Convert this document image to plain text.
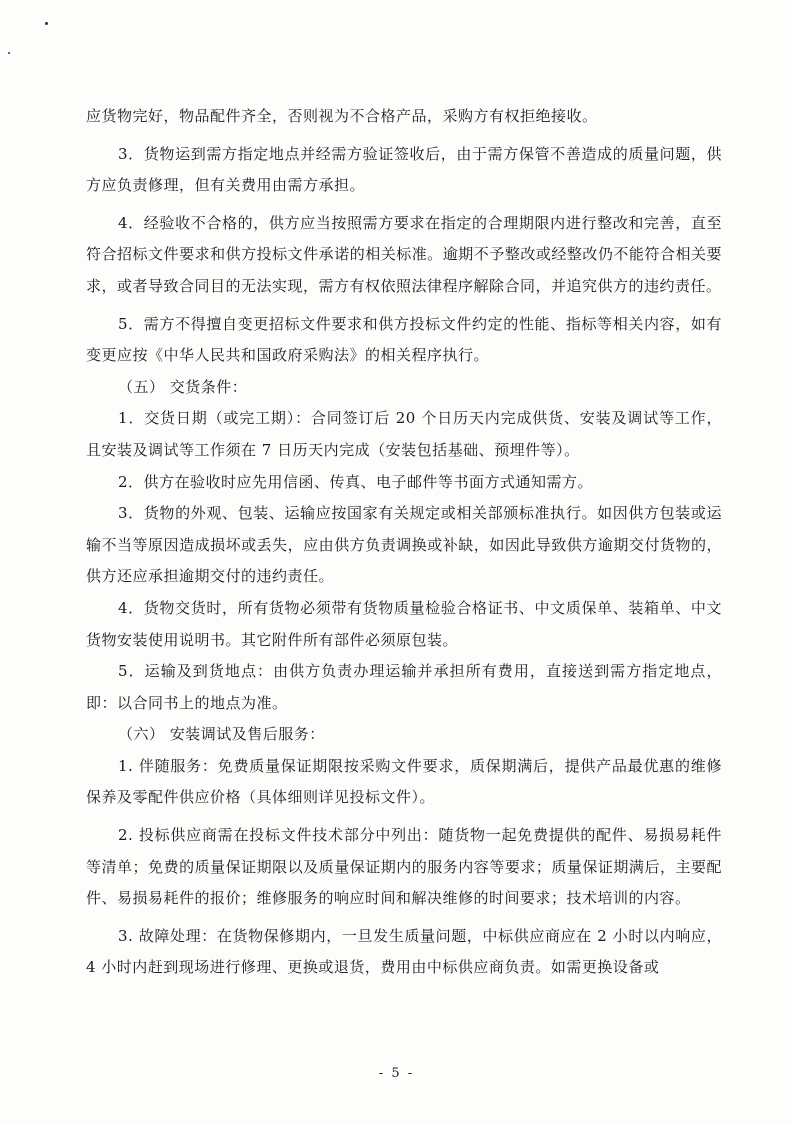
应货物完好，物品配件齐全，否则视为不合格产品，采购方有权拒绝接收。

3．货物运到需方指定地点并经需方验证签收后，由于需方保管不善造成的质量问题，供方应负责修理，但有关费用由需方承担。

4．经验收不合格的，供方应当按照需方要求在指定的合理期限内进行整改和完善，直至符合招标文件要求和供方投标文件承诺的相关标准。逾期不予整改或经整改仍不能符合相关要求，或者导致合同目的无法实现，需方有权依照法律程序解除合同，并追究供方的违约责任。

5．需方不得擅自变更招标文件要求和供方投标文件约定的性能、指标等相关内容，如有变更应按《中华人民共和国政府采购法》的相关程序执行。

（五） 交货条件：

1．交货日期（或完工期）：合同签订后 20 个日历天内完成供货、安装及调试等工作，且安装及调试等工作须在 7 日历天内完成（安装包括基础、预埋件等）。

2．供方在验收时应先用信函、传真、电子邮件等书面方式通知需方。

3．货物的外观、包装、运输应按国家有关规定或相关部颁标准执行。如因供方包装或运输不当等原因造成损坏或丢失，应由供方负责调换或补缺，如因此导致供方逾期交付货物的，供方还应承担逾期交付的违约责任。

4．货物交货时，所有货物必须带有货物质量检验合格证书、中文质保单、装箱单、中文货物安装使用说明书。其它附件所有部件必须原包装。

5．运输及到货地点：由供方负责办理运输并承担所有费用，直接送到需方指定地点，即：以合同书上的地点为准。

（六） 安装调试及售后服务：

1. 伴随服务：免费质量保证期限按采购文件要求，质保期满后，提供产品最优惠的维修保养及零配件供应价格（具体细则详见投标文件）。

2. 投标供应商需在投标文件技术部分中列出：随货物一起免费提供的配件、易损易耗件等清单；免费的质量保证期限以及质量保证期内的服务内容等要求；质量保证期满后，主要配件、易损易耗件的报价；维修服务的响应时间和解决维修的时间要求；技术培训的内容。

3. 故障处理：在货物保修期内，一旦发生质量问题，中标供应商应在 2 小时以内响应，4 小时内赶到现场进行修理、更换或退货，费用由中标供应商负责。如需更换设备或

- 5 -
